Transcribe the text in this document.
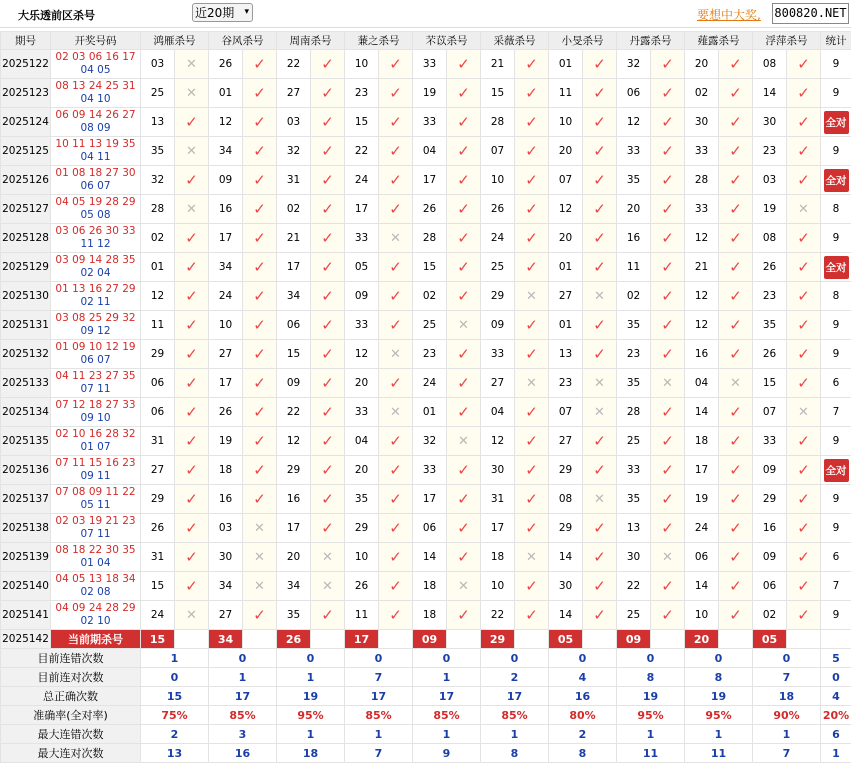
大乐透前区杀号	近20期 ▾	要想中大奖, 800820.NET
期号	开奖号码	鸿雁杀号		谷风杀号		周南杀号		蒹之杀号		芣苡杀号		采薇杀号		小旻杀号		丹露杀号		薤露杀号		浮萍杀号		统计
2025122	02 03 06 16 17
04 05	03	✕	26	✓	22	✓	10	✓	33	✓	21	✓	01	✓	32	✓	20	✓	08	✓	9
2025123	08 13 24 25 31
04 10	25	✕	01	✓	27	✓	23	✓	19	✓	15	✓	11	✓	06	✓	02	✓	14	✓	9
2025124	06 09 14 26 27
08 09	13	✓	12	✓	03	✓	15	✓	33	✓	28	✓	10	✓	12	✓	30	✓	30	✓	全对
2025125	10 11 13 19 35
04 11	35	✕	34	✓	32	✓	22	✓	04	✓	07	✓	20	✓	33	✓	33	✓	23	✓	9
2025126	01 08 18 27 30
06 07	32	✓	09	✓	31	✓	24	✓	17	✓	10	✓	07	✓	35	✓	28	✓	03	✓	全对
2025127	04 05 19 28 29
05 08	28	✕	16	✓	02	✓	17	✓	26	✓	26	✓	12	✓	20	✓	33	✓	19	✕	8
2025128	03 06 26 30 33
11 12	02	✓	17	✓	21	✓	33	✕	28	✓	24	✓	20	✓	16	✓	12	✓	08	✓	9
2025129	03 09 14 28 35
02 04	01	✓	34	✓	17	✓	05	✓	15	✓	25	✓	01	✓	11	✓	21	✓	26	✓	全对
2025130	01 13 16 27 29
02 11	12	✓	24	✓	34	✓	09	✓	02	✓	29	✕	27	✕	02	✓	12	✓	23	✓	8
2025131	03 08 25 29 32
09 12	11	✓	10	✓	06	✓	33	✓	25	✕	09	✓	01	✓	35	✓	12	✓	35	✓	9
2025132	01 09 10 12 19
06 07	29	✓	27	✓	15	✓	12	✕	23	✓	33	✓	13	✓	23	✓	16	✓	26	✓	9
2025133	04 11 23 27 35
07 11	06	✓	17	✓	09	✓	20	✓	24	✓	27	✕	23	✕	35	✕	04	✕	15	✓	6
2025134	07 12 18 27 33
09 10	06	✓	26	✓	22	✓	33	✕	01	✓	04	✓	07	✕	28	✓	14	✓	07	✕	7
2025135	02 10 16 28 32
01 07	31	✓	19	✓	12	✓	04	✓	32	✕	12	✓	27	✓	25	✓	18	✓	33	✓	9
2025136	07 11 15 16 23
09 11	27	✓	18	✓	29	✓	20	✓	33	✓	30	✓	29	✓	33	✓	17	✓	09	✓	全对
2025137	07 08 09 11 22
05 11	29	✓	16	✓	16	✓	35	✓	17	✓	31	✓	08	✕	35	✓	19	✓	29	✓	9
2025138	02 03 19 21 23
07 11	26	✓	03	✕	17	✓	29	✓	06	✓	17	✓	29	✓	13	✓	24	✓	16	✓	9
2025139	08 18 22 30 35
01 04	31	✓	30	✕	20	✕	10	✓	14	✓	18	✕	14	✓	30	✕	06	✓	09	✓	6
2025140	04 05 13 18 34
02 08	15	✓	34	✕	34	✕	26	✓	18	✕	10	✓	30	✓	22	✓	14	✓	06	✓	7
2025141	04 09 24 28 29
02 10	24	✕	27	✓	35	✓	11	✓	18	✓	22	✓	14	✓	25	✓	10	✓	02	✓	9
2025142	当前期杀号	15		34		26		17		09		29		05		09		20		05		
目前连错次数		1		0		0		0		0		0		0		0		0		0		5
目前连对次数		0		1		1		7		1		2		4		8		8		7		0
总正确次数		15		17		19		17		17		17		16		19		19		18		4
准确率(全对率)		75%		85%		95%		85%		85%		85%		80%		95%		95%		90%		20%
最大连错次数		2		3		1		1		1		1		2		1		1		1		6
最大连对次数		13		16		18		7		9		8		8		11		11		7		1
